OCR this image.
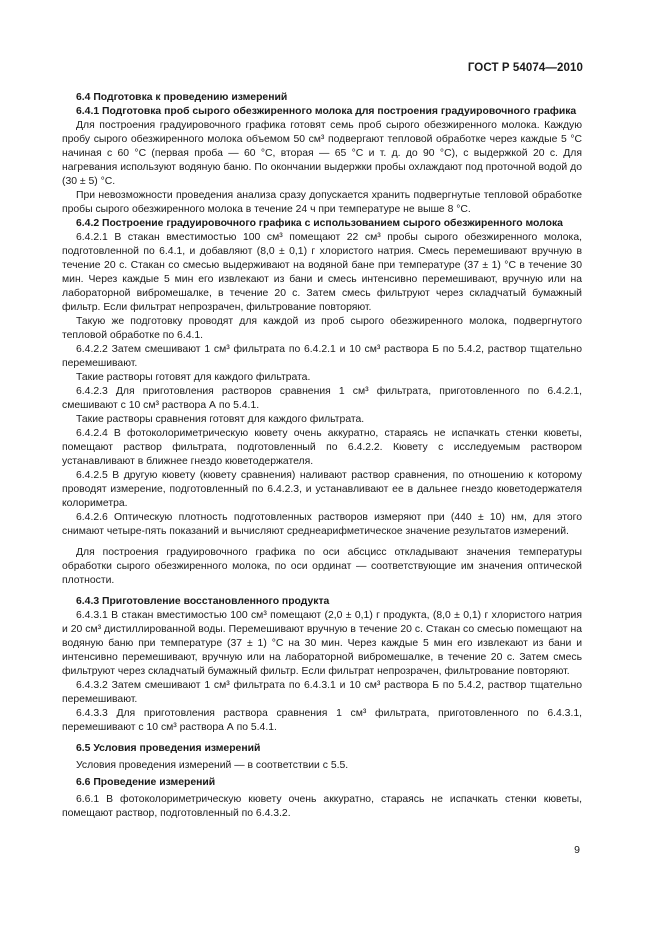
ГОСТ Р 54074—2010

6.4 Подготовка к проведению измерений

6.4.1 Подготовка проб сырого обезжиренного молока для построения градуировочного графика

Для построения градуировочного графика готовят семь проб сырого обезжиренного молока. Каждую пробу сырого обезжиренного молока объемом 50 см³ подвергают тепловой обработке через каждые 5 °С начиная с 60 °С (первая проба — 60 °С, вторая — 65 °С и т. д. до 90 °С), с выдержкой 20 с. Для нагревания используют водяную баню. По окончании выдержки пробы охлаждают под проточной водой до (30 ± 5) °С.

При невозможности проведения анализа сразу допускается хранить подвергнутые тепловой обработке пробы сырого обезжиренного молока в течение 24 ч при температуре не выше 8 °С.

6.4.2 Построение градуировочного графика с использованием сырого обезжиренного молока

6.4.2.1 В стакан вместимостью 100 см³ помещают 22 см³ пробы сырого обезжиренного молока, подготовленной по 6.4.1, и добавляют (8,0 ± 0,1) г хлористого натрия. Смесь перемешивают вручную в течение 20 с. Стакан со смесью выдерживают на водяной бане при температуре (37 ± 1) °С в течение 30 мин. Через каждые 5 мин его извлекают из бани и смесь интенсивно перемешивают, вручную или на лабораторной вибромешалке, в течение 20 с. Затем смесь фильтруют через складчатый бумажный фильтр. Если фильтрат непрозрачен, фильтрование повторяют.

Такую же подготовку проводят для каждой из проб сырого обезжиренного молока, подвергнутого тепловой обработке по 6.4.1.

6.4.2.2 Затем смешивают 1 см³ фильтрата по 6.4.2.1 и 10 см³ раствора Б по 5.4.2, раствор тщательно перемешивают.

Такие растворы готовят для каждого фильтрата.

6.4.2.3 Для приготовления растворов сравнения 1 см³ фильтрата, приготовленного по 6.4.2.1, смешивают с 10 см³ раствора А по 5.4.1.

Такие растворы сравнения готовят для каждого фильтрата.

6.4.2.4 В фотоколориметрическую кювету очень аккуратно, стараясь не испачкать стенки кюветы, помещают раствор фильтрата, подготовленный по 6.4.2.2. Кювету с исследуемым раствором устанавливают в ближнее гнездо кюветодержателя.

6.4.2.5 В другую кювету (кювету сравнения) наливают раствор сравнения, по отношению к которому проводят измерение, подготовленный по 6.4.2.3, и устанавливают ее в дальнее гнездо кюветодержателя колориметра.

6.4.2.6 Оптическую плотность подготовленных растворов измеряют при (440 ± 10) нм, для этого снимают четыре-пять показаний и вычисляют среднеарифметическое значение результатов измерений.

Для построения градуировочного графика по оси абсцисс откладывают значения температуры обработки сырого обезжиренного молока, по оси ординат — соответствующие им значения оптической плотности.

6.4.3 Приготовление восстановленного продукта

6.4.3.1 В стакан вместимостью 100 см³ помещают (2,0 ± 0,1) г продукта, (8,0 ± 0,1) г хлористого натрия и 20 см³ дистиллированной воды. Перемешивают вручную в течение 20 с. Стакан со смесью помещают на водяную баню при температуре (37 ± 1) °С на 30 мин. Через каждые 5 мин его извлекают из бани и интенсивно перемешивают, вручную или на лабораторной вибромешалке, в течение 20 с. Затем смесь фильтруют через складчатый бумажный фильтр. Если фильтрат непрозрачен, фильтрование повторяют.

6.4.3.2 Затем смешивают 1 см³ фильтрата по 6.4.3.1 и 10 см³ раствора Б по 5.4.2, раствор тщательно перемешивают.

6.4.3.3 Для приготовления раствора сравнения 1 см³ фильтрата, приготовленного по 6.4.3.1, перемешивают с 10 см³ раствора А по 5.4.1.

6.5 Условия проведения измерений

Условия проведения измерений — в соответствии с 5.5.

6.6 Проведение измерений

6.6.1 В фотоколориметрическую кювету очень аккуратно, стараясь не испачкать стенки кюветы, помещают раствор, подготовленный по 6.4.3.2.

9
